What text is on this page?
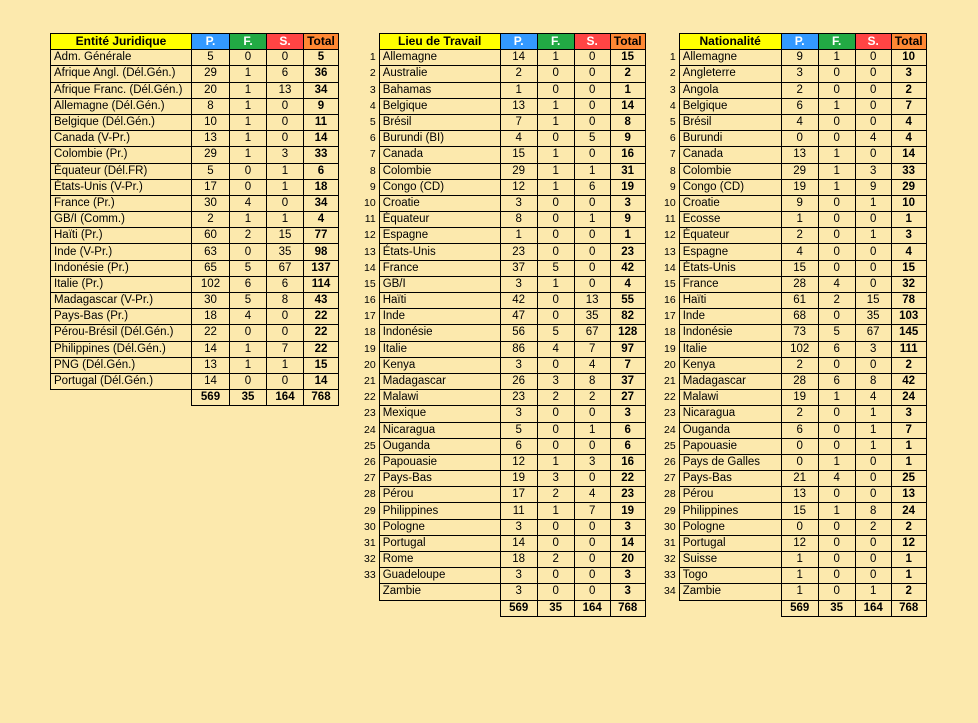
Entité Juridique	P.	F.	S.	Total
Adm. Générale	5	0	0	5
Afrique Angl. (Dél.Gén.)	29	1	6	36
Afrique Franc. (Dél.Gén.)	20	1	13	34
Allemagne (Dél.Gén.)	8	1	0	9
Belgique (Dél.Gén.)	10	1	0	11
Canada (V-Pr.)	13	1	0	14
Colombie (Pr.)	29	1	3	33
Équateur (Dél.FR)	5	0	1	6
États-Unis (V-Pr.)	17	0	1	18
France (Pr.)	30	4	0	34
GB/I (Comm.)	2	1	1	4
Haïti (Pr.)	60	2	15	77
Inde (V-Pr.)	63	0	35	98
Indonésie (Pr.)	65	5	67	137
Italie (Pr.)	102	6	6	114
Madagascar (V-Pr.)	30	5	8	43
Pays-Bas (Pr.)	18	4	0	22
Pérou-Brésil (Dél.Gén.)	22	0	0	22
Philippines (Dél.Gén.)	14	1	7	22
PNG (Dél.Gén.)	13	1	1	15
Portugal (Dél.Gén.)	14	0	0	14
	569	35	164	768
	Lieu de Travail	P.	F.	S.	Total
1	Allemagne	14	1	0	15
2	Australie	2	0	0	2
3	Bahamas	1	0	0	1
4	Belgique	13	1	0	14
5	Brésil	7	1	0	8
6	Burundi (BI)	4	0	5	9
7	Canada	15	1	0	16
8	Colombie	29	1	1	31
9	Congo (CD)	12	1	6	19
10	Croatie	3	0	0	3
11	Équateur	8	0	1	9
12	Espagne	1	0	0	1
13	États-Unis	23	0	0	23
14	France	37	5	0	42
15	GB/I	3	1	0	4
16	Haïti	42	0	13	55
17	Inde	47	0	35	82
18	Indonésie	56	5	67	128
19	Italie	86	4	7	97
20	Kenya	3	0	4	7
21	Madagascar	26	3	8	37
22	Malawi	23	2	2	27
23	Mexique	3	0	0	3
24	Nicaragua	5	0	1	6
25	Ouganda	6	0	0	6
26	Papouasie	12	1	3	16
27	Pays-Bas	19	3	0	22
28	Pérou	17	2	4	23
29	Philippines	11	1	7	19
30	Pologne	3	0	0	3
31	Portugal	14	0	0	14
32	Rome	18	2	0	20
33	Guadeloupe	3	0	0	3
	Zambie	3	0	0	3
		569	35	164	768
	Nationalité	P.	F.	S.	Total
1	Allemagne	9	1	0	10
2	Angleterre	3	0	0	3
3	Angola	2	0	0	2
4	Belgique	6	1	0	7
5	Brésil	4	0	0	4
6	Burundi	0	0	4	4
7	Canada	13	1	0	14
8	Colombie	29	1	3	33
9	Congo (CD)	19	1	9	29
10	Croatie	9	0	1	10
11	Ecosse	1	0	0	1
12	Équateur	2	0	1	3
13	Espagne	4	0	0	4
14	États-Unis	15	0	0	15
15	France	28	4	0	32
16	Haïti	61	2	15	78
17	Inde	68	0	35	103
18	Indonésie	73	5	67	145
19	Italie	102	6	3	111
20	Kenya	2	0	0	2
21	Madagascar	28	6	8	42
22	Malawi	19	1	4	24
23	Nicaragua	2	0	1	3
24	Ouganda	6	0	1	7
25	Papouasie	0	0	1	1
26	Pays de Galles	0	1	0	1
27	Pays-Bas	21	4	0	25
28	Pérou	13	0	0	13
29	Philippines	15	1	8	24
30	Pologne	0	0	2	2
31	Portugal	12	0	0	12
32	Suisse	1	0	0	1
33	Togo	1	0	0	1
34	Zambie	1	0	1	2
		569	35	164	768
